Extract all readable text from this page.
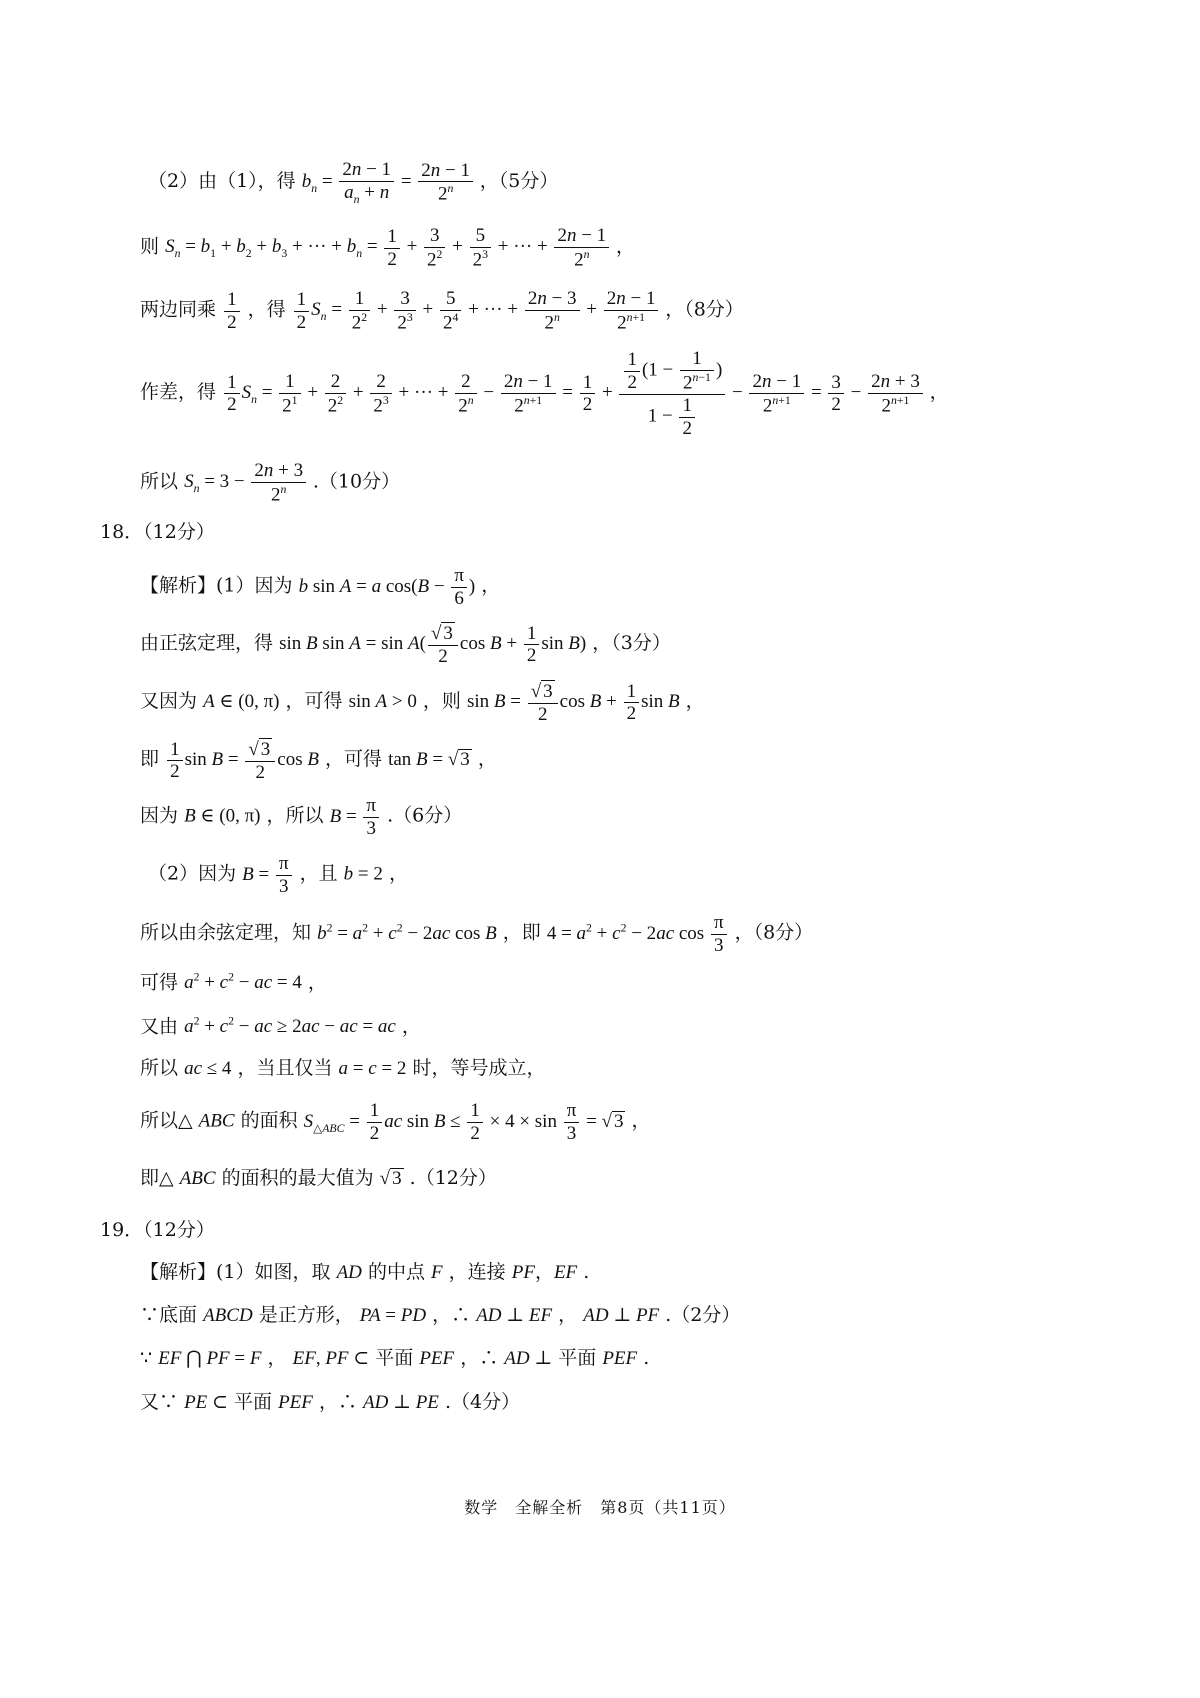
（2）由（1），得 $b_n = \frac{2n - 1}{a_n + n} = \frac{2n - 1}{2^n}$ ，（5分）
则 $S_n = b_1 + b_2 + b_3$ + ··· + $b_n = \frac{1}{2} + \frac{3}{2^2} + \frac{5}{2^3}$ + ··· + $\frac{2n - 1}{2^n}$ ，
两边同乘 $\frac{1}{2}$ ，得 $\frac{1}{2} S_n = \frac{1}{2^2} + \frac{3}{2^3} + \frac{5}{2^4}$ + ··· + $\frac{2n - 3}{2^n} + \frac{2n - 1}{2^{n+1}}$ ，（8分）
作差，得 $\frac{1}{2} S_n = \frac{1}{2^1} + \frac{2}{2^2} + \frac{2}{2^3}$ + ··· + $\frac{2}{2^n} - \frac{2n - 1}{2^{n+1}} = \frac{1}{2} + \frac{\frac{1}{2} (1 - \frac{1}{2^{n-1}} )}{1 - \frac{1}{2}} - \frac{2n - 1}{2^{n+1}} = \frac{3}{2} - \frac{2n + 3}{2^{n+1}}$ ，
所以 $S_n = 3 - \frac{2n + 3}{2^n} .(10$分）
18．（12分）
【解析】(1）因为 b sin A = a $\cos(B - \frac{\pi}{6}$ ) ，
由正弦定理，得 sin B $\sin A = \sin A( \frac{√ 3}{2}$ $\cos B + \frac{1}{2}$ sin B) ，（3分）
又因为 A ∈ (0, π) ，可得 sin A > 0 ，则 $\sin B = \frac{√ 3}{2}$ $\cos B + \frac{1}{2}$ sin B ，
即 $\frac{1}{2}$ $\sin B = \frac{√ 3}{2}$ cos B ，可得 tan B = √ 3 ，
因为 B ∈ (0, π) ，所以 $B = \frac{\pi}{3} .(6$分）
（2）因为 $B = \frac{\pi}{3}$ ，且 b = 2 ，
所以由余弦定理，知 $b^2 = a^2 + c^2 - 2ac$ cos B ，即 $4 = a^2 + c^2 - 2ac$ $\cos \frac{\pi}{3}$ ，（8分）
可得 $a^2 + c^2$ − ac = 4 ，
又由 $a^2 + c^2$ − ac ≥ 2ac − ac = ac ，
所以 ac ≤ 4 ，当且仅当 a = c = 2 时，等号成立，
所以△ ABC 的面积 $S_{\triangle ABC} = \frac{1}{2}$ ac $\sin B \le \frac{1}{2} \times 4 \times \sin \frac{\pi}{3}$ = √ 3 ，
即△ ABC 的面积的最大值为 √ 3 .（12分）
19．（12分）
【解析】(1）如图，取 AD 的中点 F ，连接 PF，EF .
∵底面 ABCD 是正方形， PA = PD ，∴ AD ⊥ EF ， AD ⊥ PF .（2分）
∵ EF ⋂ PF = F ， EF, PF ⊂ 平面 PEF ，∴ AD ⊥ 平面 PEF .
又∵ PE ⊂ 平面 PEF ，∴ AD ⊥ PE .（4分）
数学　全解全析　第8页（共11页）
